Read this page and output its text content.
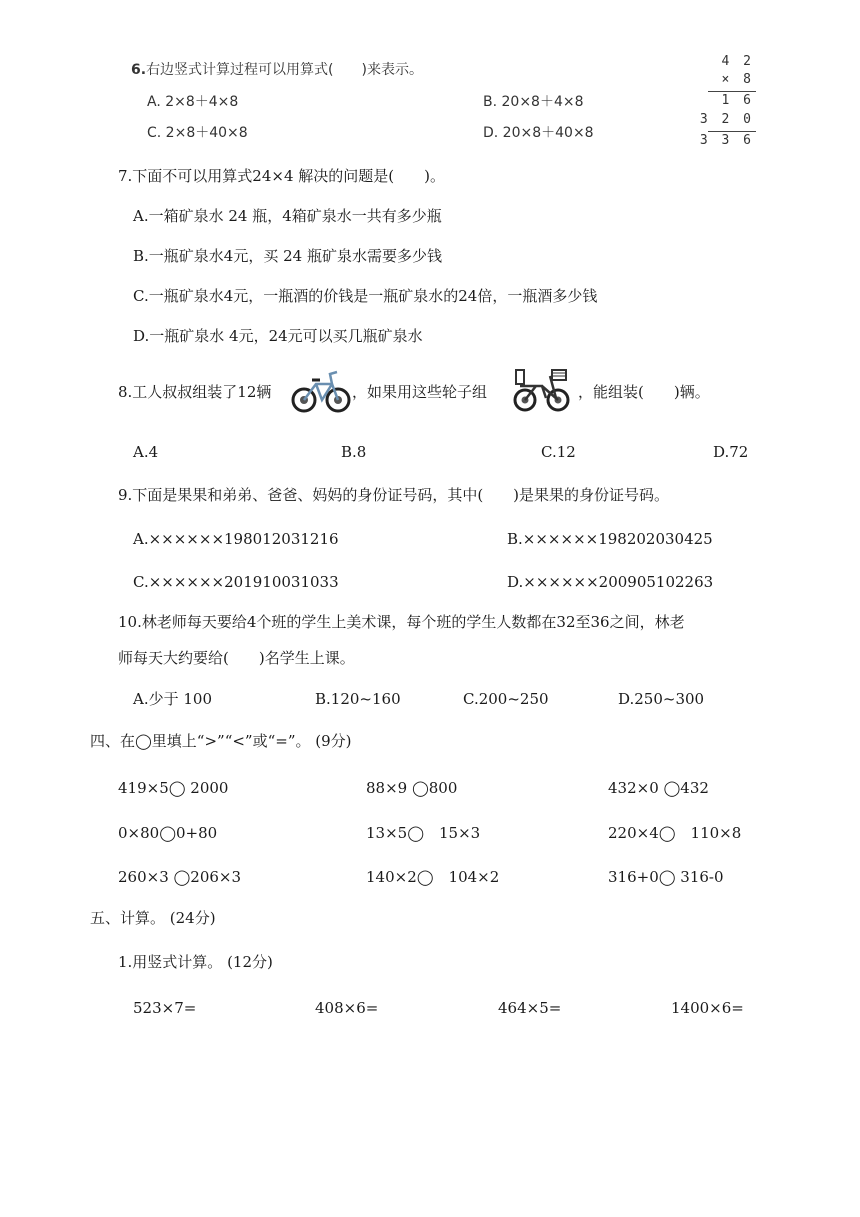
6.右边竖式计算过程可以用算式(　　)来表示。
A. 2×8＋4×8	B. 20×8＋4×8
C. 2×8＋40×8	D. 20×8＋40×8
4 2
× 8
1 6
3 2 0
3 3 6
7.下面不可以用算式24×4 解决的问题是(　　)。
A.一箱矿泉水 24 瓶，4箱矿泉水一共有多少瓶
B.一瓶矿泉水4元，买 24 瓶矿泉水需要多少钱
C.一瓶矿泉水4元，一瓶酒的价钱是一瓶矿泉水的24倍，一瓶酒多少钱
D.一瓶矿泉水 4元，24元可以买几瓶矿泉水
8.工人叔叔组装了12辆	，如果用这些轮子组	，能组装(　　)辆。
A.4	B.8	C.12	D.72
9.下面是果果和弟弟、爸爸、妈妈的身份证号码，其中(　　)是果果的身份证号码。
A.××××××198012031216	B.××××××198202030425
C.××××××201910031033	D.××××××200905102263
10.林老师每天要给4个班的学生上美术课，每个班的学生人数都在32至36之间，林老
师每天大约要给(　　)名学生上课。
A.少于 100	B.120~160	C.200~250	D.250~300
四、在◯里填上“>”“<”或“=”。 (9分)
419×5◯ 2000	88×9 ◯800	432×0 ◯432
0×80◯0+80	13×5◯　15×3	220×4◯　110×8
260×3 ◯206×3	140×2◯　104×2	316+0◯ 316-0
五、计算。 (24分)
1.用竖式计算。 (12分)
523×7=	408×6=	464×5=	1400×6=
